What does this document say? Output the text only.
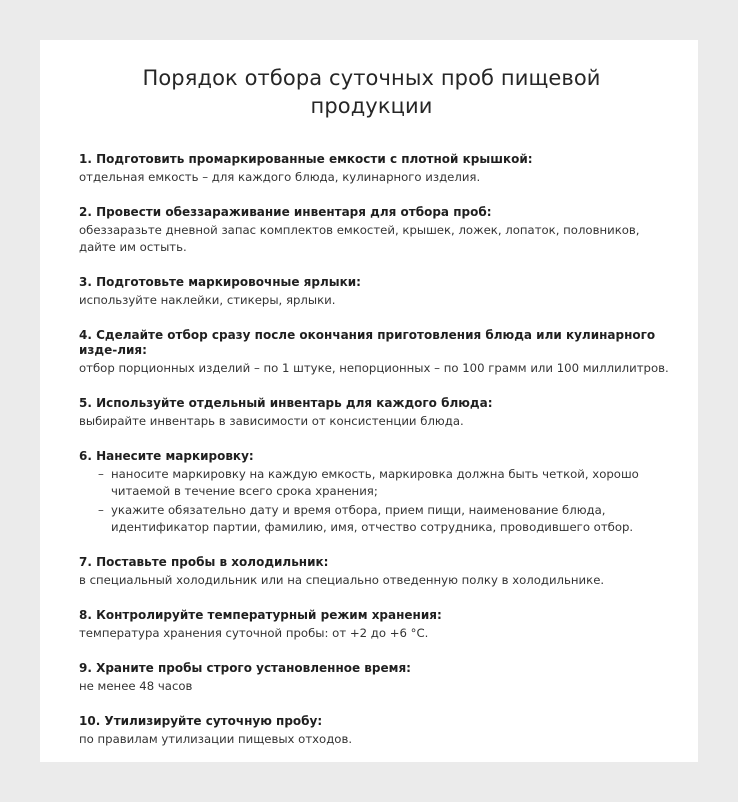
Порядок отбора суточных проб пищевой продукции

1. Подготовить промаркированные емкости с плотной крышкой:

отдельная емкость – для каждого блюда, кулинарного изделия.

2. Провести обеззараживание инвентаря для отбора проб:

обеззаразьте дневной запас комплектов емкостей, крышек, ложек, лопаток, половников, дайте им остыть.

3. Подготовьте маркировочные ярлыки:

используйте наклейки, стикеры, ярлыки.

4. Сделайте отбор сразу после окончания приготовления блюда или кулинарного изде-лия:

отбор порционных изделий – по 1 штуке, непорционных – по 100 грамм или 100 миллилитров.

5. Используйте отдельный инвентарь для каждого блюда:

выбирайте инвентарь в зависимости от консистенции блюда.

6. Нанесите маркировку:

– наносите маркировку на каждую емкость, маркировка должна быть четкой, хорошо читаемой в течение всего срока хранения;
– укажите обязательно дату и время отбора, прием пищи, наименование блюда, идентификатор партии, фамилию, имя, отчество сотрудника, проводившего отбор.

7. Поставьте пробы в холодильник:

в специальный холодильник или на специально отведенную полку в холодильнике.

8. Контролируйте температурный режим хранения:

температура хранения суточной пробы: от +2 до +6 °С.

9. Храните пробы строго установленное время:

не менее 48 часов

10. Утилизируйте суточную пробу:

по правилам утилизации пищевых отходов.
